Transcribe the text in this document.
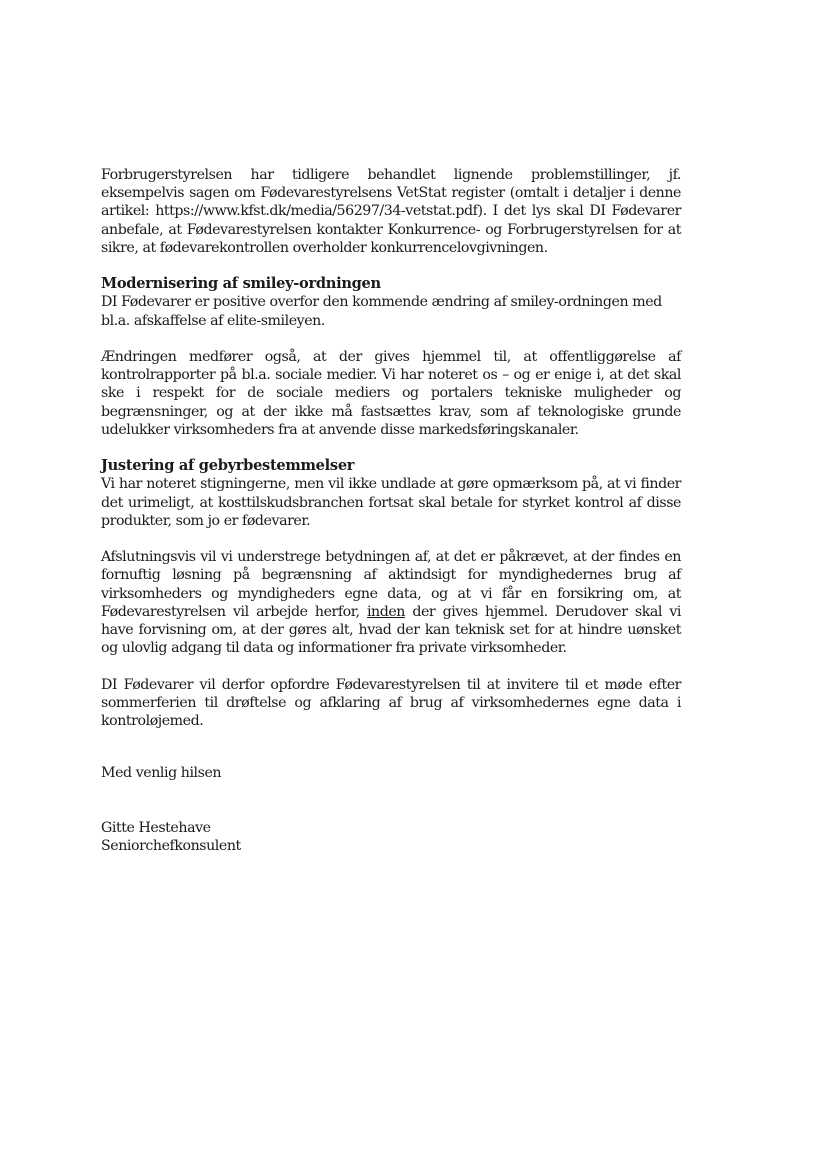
Forbrugerstyrelsen har tidligere behandlet lignende problemstillinger, jf. eksempelvis sagen om Fødevarestyrelsens VetStat register (omtalt i detaljer i denne artikel: https://www.kfst.dk/media/56297/34-vetstat.pdf). I det lys skal DI Fødevarer anbefale, at Fødevarestyrelsen kontakter Konkurrence- og Forbrugerstyrelsen for at sikre, at fødevarekontrollen overholder konkurrencelovgivningen.

Modernisering af smiley-ordningen

DI Fødevarer er positive overfor den kommende ændring af smiley-ordningen med bl.a. afskaffelse af elite-smileyen.

Ændringen medfører også, at der gives hjemmel til, at offentliggørelse af kontrolrapporter på bl.a. sociale medier. Vi har noteret os – og er enige i, at det skal ske i respekt for de sociale mediers og portalers tekniske muligheder og begrænsninger, og at der ikke må fastsættes krav, som af teknologiske grunde udelukker virksomheders fra at anvende disse markedsføringskanaler.

Justering af gebyrbestemmelser

Vi har noteret stigningerne, men vil ikke undlade at gøre opmærksom på, at vi finder det urimeligt, at kosttilskudsbranchen fortsat skal betale for styrket kontrol af disse produkter, som jo er fødevarer.

Afslutningsvis vil vi understrege betydningen af, at det er påkrævet, at der findes en fornuftig løsning på begrænsning af aktindsigt for myndighedernes brug af virksomheders og myndigheders egne data, og at vi får en forsikring om, at Fødevarestyrelsen vil arbejde herfor, inden der gives hjemmel. Derudover skal vi have forvisning om, at der gøres alt, hvad der kan teknisk set for at hindre uønsket og ulovlig adgang til data og informationer fra private virksomheder.

DI Fødevarer vil derfor opfordre Fødevarestyrelsen til at invitere til et møde efter sommerferien til drøftelse og afklaring af brug af virksomhedernes egne data i kontroløjemed.

Med venlig hilsen

Gitte Hestehave

Seniorchefkonsulent
